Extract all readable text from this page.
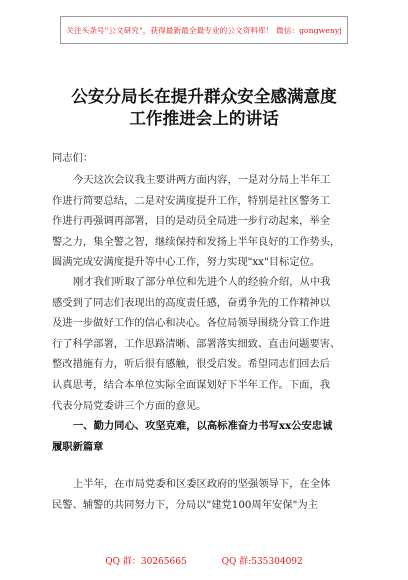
关注头条号"公文研究"，获得最新最全最专业的公文资料库！ 微信：gongwenyj
公安分局长在提升群众安全感满意度
工作推进会上的讲话

同志们：

今天这次会议我主要讲两方面内容，一是对分局上半年工
作进行简要总结，二是对安满度提升工作，特别是社区警务工
作进行再强调再部署，目的是动员全局进一步行动起来，举全
警之力，集全警之智，继续保持和发扬上半年良好的工作势头，
圆满完成安满度提升等中心工作，努力实现"xx"目标定位。

刚才我们听取了部分单位和先进个人的经验介绍，从中我
感受到了同志们表现出的高度责任感，奋勇争先的工作精神以
及进一步做好工作的信心和决心。各位局领导围绕分管工作进
行了科学部署，工作思路清晰、部署落实细致、直击问题要害、
整改措施有力，听后很有感触，很受启发。希望同志们回去后
认真思考，结合本单位实际全面谋划好下半年工作。下面，我
代表分局党委讲三个方面的意见。

一、勤力同心、攻坚克难，以高标准奋力书写xx公安忠诚
履职新篇章

上半年，在市局党委和区委区政府的坚强领导下，在全体
民警、辅警的共同努力下，分局以"建党100周年安保"为主

QQ 群：30265665	QQ 群:535304092
